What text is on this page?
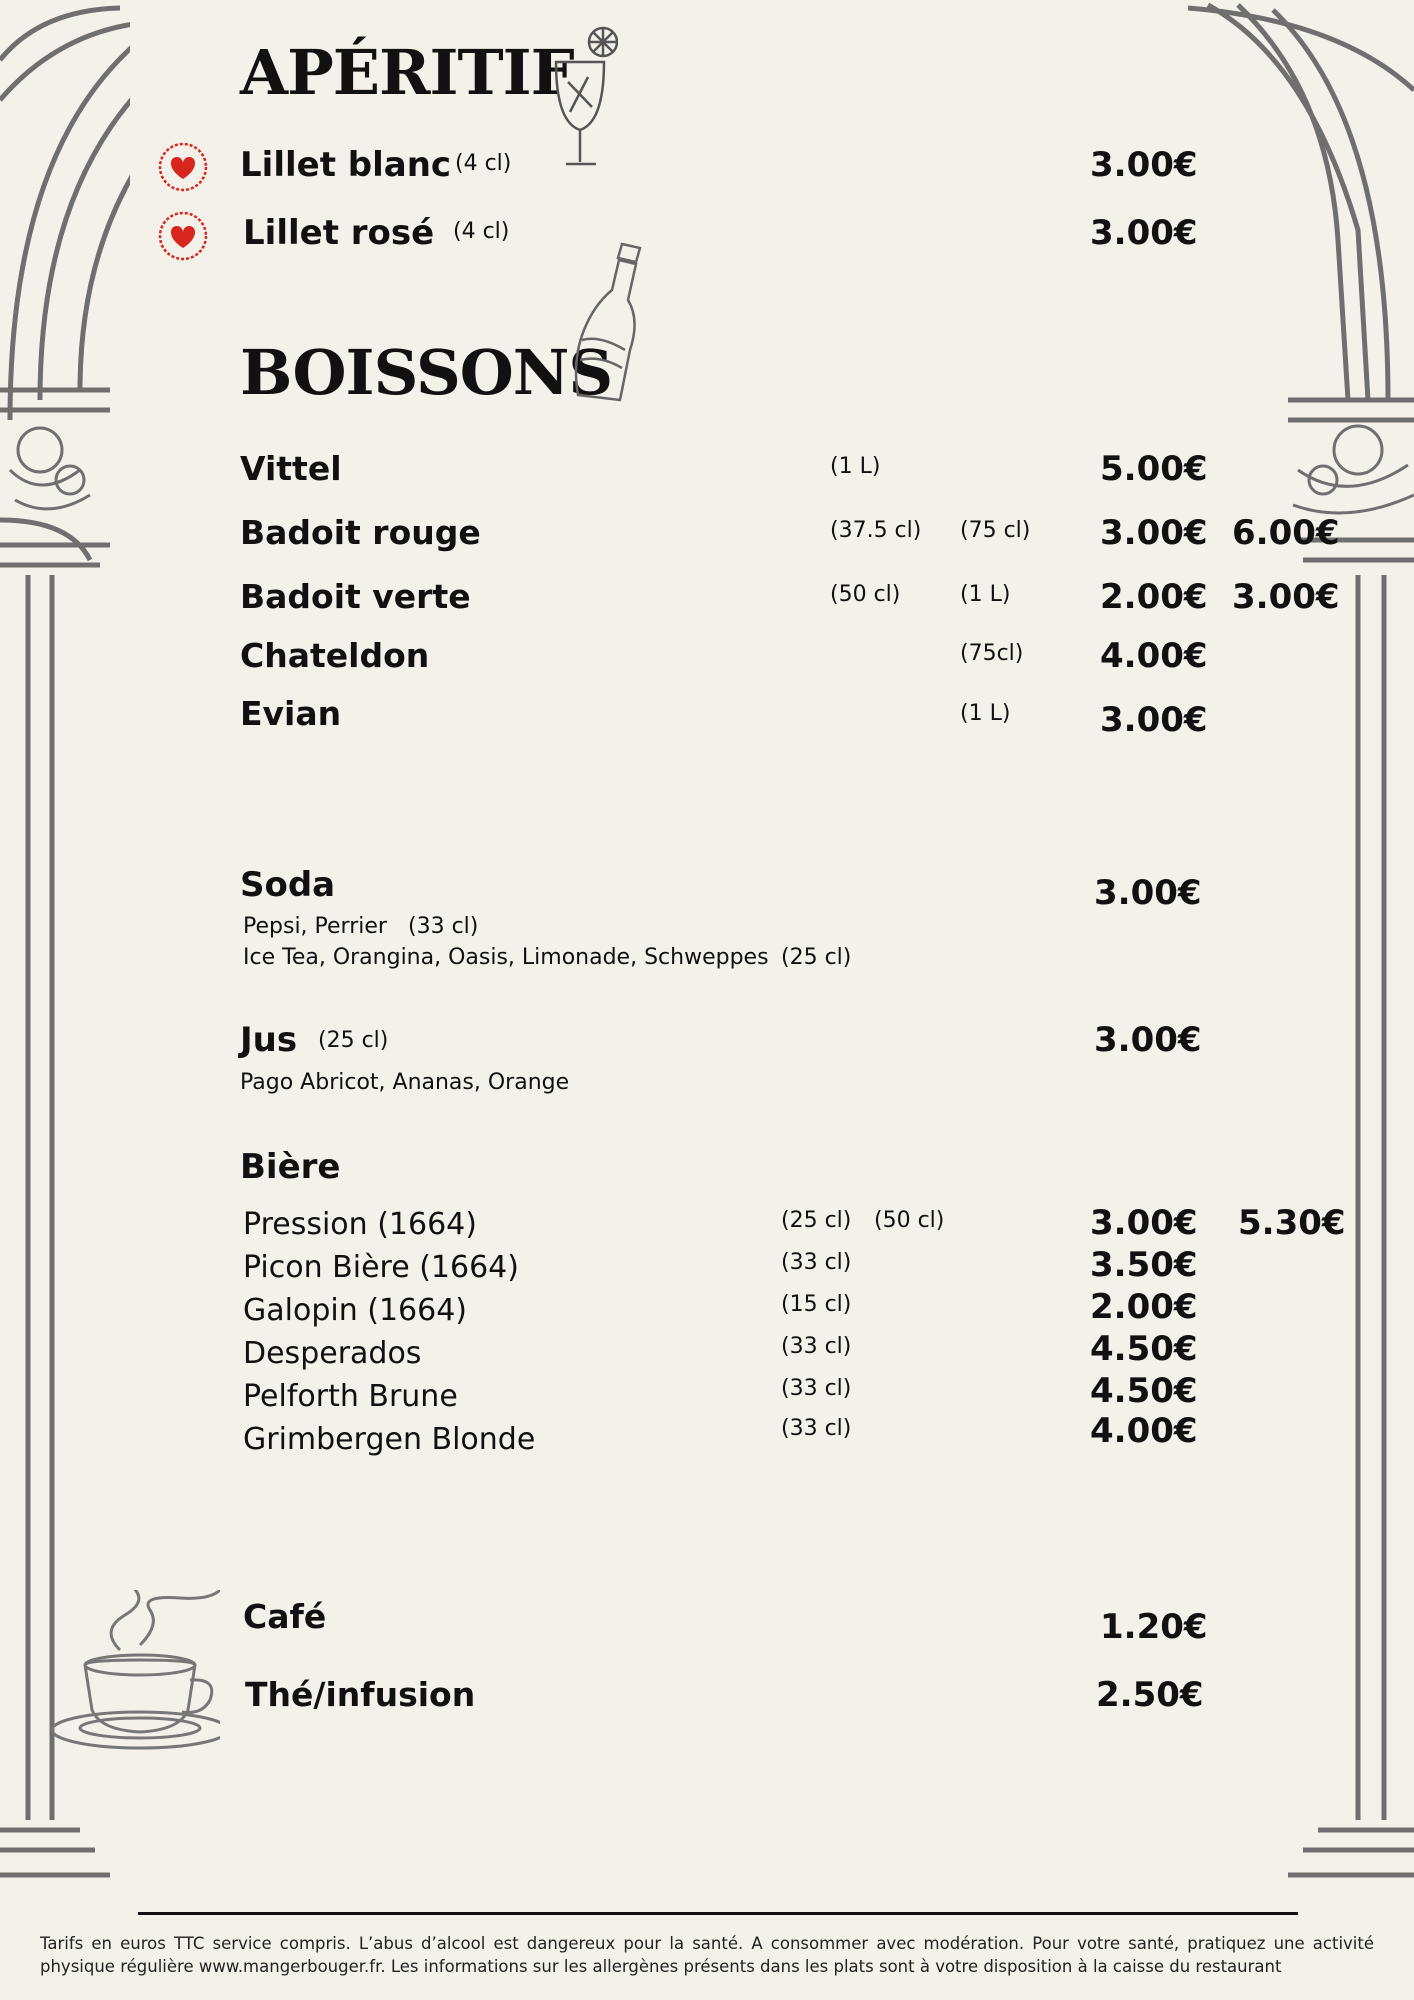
APÉRITIF
Lillet blanc (4 cl)	3.00€
Lillet rosé (4 cl)	3.00€
BOISSONS
Vittel	(1 L)	5.00€
Badoit rouge	(37.5 cl) (75 cl) 3.00€ 6.00€
Badoit verte	(50 cl)	(1 L)	2.00€ 3.00€
Chateldon	(75cl) 4.00€
Evian	(1 L)	3.00€
Soda	3.00€
Pepsi, Perrier (33 cl)
Ice Tea, Orangina, Oasis, Limonade, Schweppes (25 cl)
Jus (25 cl)	3.00€
Pago Abricot, Ananas, Orange
Bière
Pression (1664)	(25 cl) (50 cl)	3.00€ 5.30€
Picon Bière (1664)	(33 cl)	3.50€
Galopin (1664)	(15 cl)	2.00€
Desperados	(33 cl)	4.50€
Pelforth Brune	(33 cl)	4.50€
Grimbergen Blonde	(33 cl)	4.00€
Café	1.20€
Thé/infusion	2.50€
Tarifs en euros TTC service compris. L’abus d’alcool est dangereux pour la santé. A consommer avec modération. Pour votre santé, pratiquez une activité physique régulière www.mangerbouger.fr. Les informations sur les allergènes présents dans les plats sont à votre disposition à la caisse du restaurant
